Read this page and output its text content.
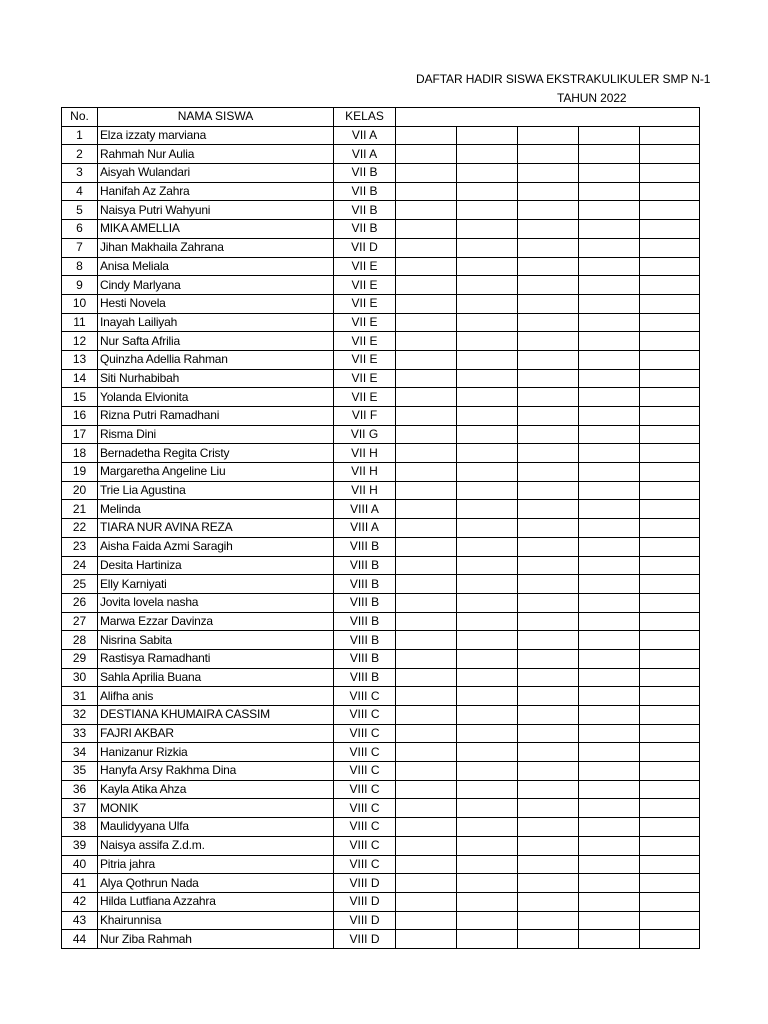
DAFTAR HADIR SISWA EKSTRAKULIKULER SMP N-1
TAHUN 2022
No.	NAMA SISWA	KELAS					
1	Elza izzaty marviana	VII A					
2	Rahmah Nur Aulia	VII A					
3	Aisyah Wulandari	VII B					
4	Hanifah Az Zahra	VII B					
5	Naisya Putri Wahyuni	VII B					
6	MIKA AMELLIA	VII B					
7	Jihan Makhaila Zahrana	VII D					
8	Anisa Meliala	VII E					
9	Cindy Marlyana	VII E					
10	Hesti Novela	VII E					
11	Inayah Lailiyah	VII E					
12	Nur Safta Afrilia	VII E					
13	Quinzha Adellia Rahman	VII E					
14	Siti Nurhabibah	VII E					
15	Yolanda Elvionita	VII E					
16	Rizna Putri Ramadhani	VII F					
17	Risma Dini	VII G					
18	Bernadetha Regita Cristy	VII H					
19	Margaretha Angeline Liu	VII H					
20	Trie Lia Agustina	VII H					
21	Melinda	VIII A					
22	TIARA NUR AVINA REZA	VIII A					
23	Aisha Faida Azmi Saragih	VIII B					
24	Desita Hartiniza	VIII B					
25	Elly Karniyati	VIII B					
26	Jovita lovela nasha	VIII B					
27	Marwa Ezzar Davinza	VIII B					
28	Nisrina Sabita	VIII B					
29	Rastisya Ramadhanti	VIII B					
30	Sahla Aprilia Buana	VIII B					
31	Alifha anis	VIII C					
32	DESTIANA KHUMAIRA CASSIM	VIII C					
33	FAJRI AKBAR	VIII C					
34	Hanizanur Rizkia	VIII C					
35	Hanyfa Arsy Rakhma Dina	VIII C					
36	Kayla Atika Ahza	VIII C					
37	MONIK	VIII C					
38	Maulidyyana Ulfa	VIII C					
39	Naisya assifa Z.d.m.	VIII C					
40	Pitria jahra	VIII C					
41	Alya Qothrun Nada	VIII D					
42	Hilda Lutfiana Azzahra	VIII D					
43	Khairunnisa	VIII D					
44	Nur Ziba Rahmah	VIII D					
